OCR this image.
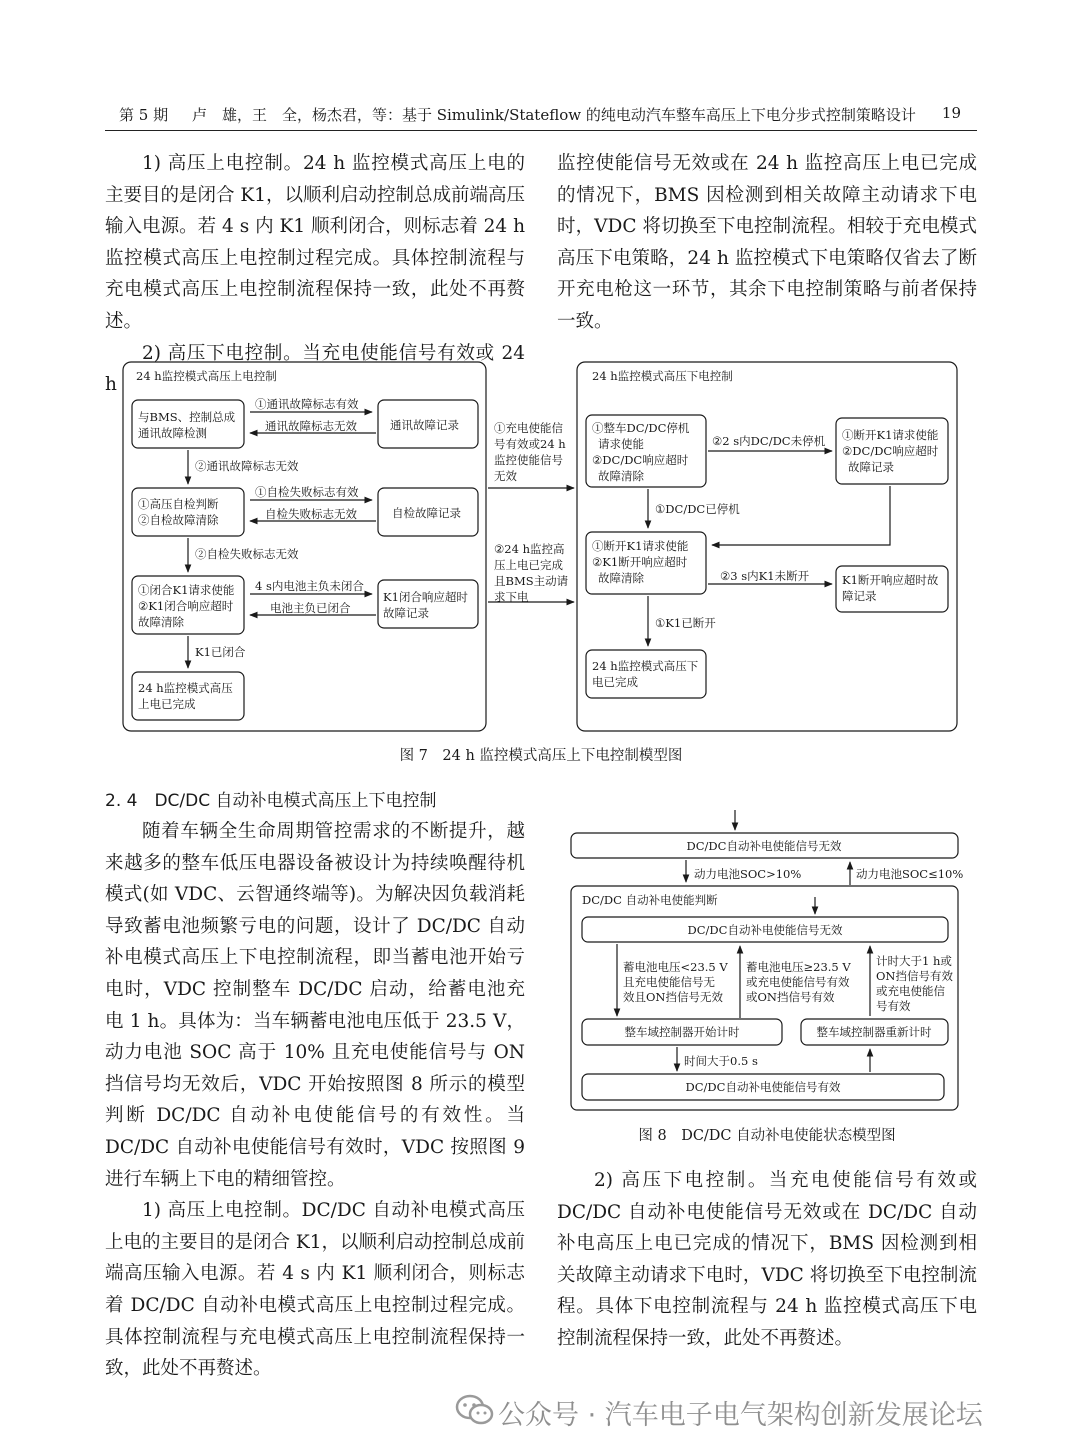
第 5 期 卢　雄，王　全，杨杰君，等：基于 Simulink/Stateflow 的纯电动汽车整车高压上下电分步式控制策略设计 19

1) 高压上电控制。24 h 监控模式高压上电的主要目的是闭合 K1，以顺利启动控制总成前端高压输入电源。若 4 s 内 K1 顺利闭合，则标志着 24 h 监控模式高压上电控制过程完成。具体控制流程与充电模式高压上电控制流程保持一致，此处不再赘述。

2) 高压下电控制。当充电使能信号有效或 24 h

监控使能信号无效或在 24 h 监控高压上电已完成的情况下，BMS 因检测到相关故障主动请求下电时，VDC 将切换至下电控制流程。相较于充电模式高压下电策略，24 h 监控模式下电策略仅省去了断开充电枪这一环节，其余下电控制策略与前者保持一致。

24 h监控模式高压上电控制
与BMS、控制总成
通讯故障检测
通讯故障记录
①通讯故障标志有效
通讯故障标志无效
②通讯故障标志无效
①高压自检判断
②自检故障清除	自检故障记录
①自检失败标志有效
自检失败标志无效
②自检失败标志无效
①闭合K1请求使能
②K1闭合响应超时
故障清除
K1闭合响应超时
故障记录
4 s内电池主负未闭合
电池主负已闭合
K1已闭合
24 h监控模式高压
上电已完成
①充电使能信
号有效或24 h
监控使能信号
无效
②24 h监控高
压上电已完成
且BMS主动请
求下电
24 h监控模式高压下电控制
①整车DC/DC停机
请求使能
②DC/DC响应超时
故障清除
②2 s内DC/DC未停机 ①断开K1请求使能
②DC/DC响应超时
故障记录
①DC/DC已停机
①断开K1请求使能
②K1断开响应超时
故障清除	②3 s内K1未断开	K1断开响应超时故
障记录
①K1已断开
24 h监控模式高压下
电已完成
DC/DC自动补电使能信号无效
动力电池SOC>10%	动力电池SOC≤10%
DC/DC 自动补电使能判断
DC/DC自动补电使能信号无效
蓄电池电压<23.5 V
且充电使能信号无
效且ON挡信号无效
蓄电池电压≥23.5 V
或充电使能信号有效
或ON挡信号有效
计时大于1 h或
ON挡信号有效
或充电使能信
号有效
整车域控制器开始计时	整车域控制器重新计时
时间大于0.5 s
DC/DC自动补电使能信号有效
图 7　24 h 监控模式高压上下电控制模型图
2. 4　DC/DC 自动补电模式高压上下电控制

随着车辆全生命周期管控需求的不断提升，越来越多的整车低压电器设备被设计为持续唤醒待机模式(如 VDC、云智通终端等)。为解决因负载消耗导致蓄电池频繁亏电的问题，设计了 DC/DC 自动补电模式高压上下电控制流程，即当蓄电池开始亏电时，VDC 控制整车 DC/DC 启动，给蓄电池充电 1 h。具体为：当车辆蓄电池电压低于 23.5 V，动力电池 SOC 高于 10% 且充电使能信号与 ON 挡信号均无效后，VDC 开始按照图 8 所示的模型判断 DC/DC 自动补电使能信号的有效性。当 DC/DC 自动补电使能信号有效时，VDC 按照图 9 进行车辆上下电的精细管控。

1) 高压上电控制。DC/DC 自动补电模式高压上电的主要目的是闭合 K1，以顺利启动控制总成前端高压输入电源。若 4 s 内 K1 顺利闭合，则标志着 DC/DC 自动补电模式高压上电控制过程完成。具体控制流程与充电模式高压上电控制流程保持一致，此处不再赘述。

图 8　DC/DC 自动补电使能状态模型图

2) 高压下电控制。当充电使能信号有效或 DC/DC 自动补电使能信号无效或在 DC/DC 自动补电高压上电已完成的情况下，BMS 因检测到相关故障主动请求下电时，VDC 将切换至下电控制流程。具体下电控制流程与 24 h 监控模式高压下电控制流程保持一致，此处不再赘述。

公众号 · 汽车电子电气架构创新发展论坛
